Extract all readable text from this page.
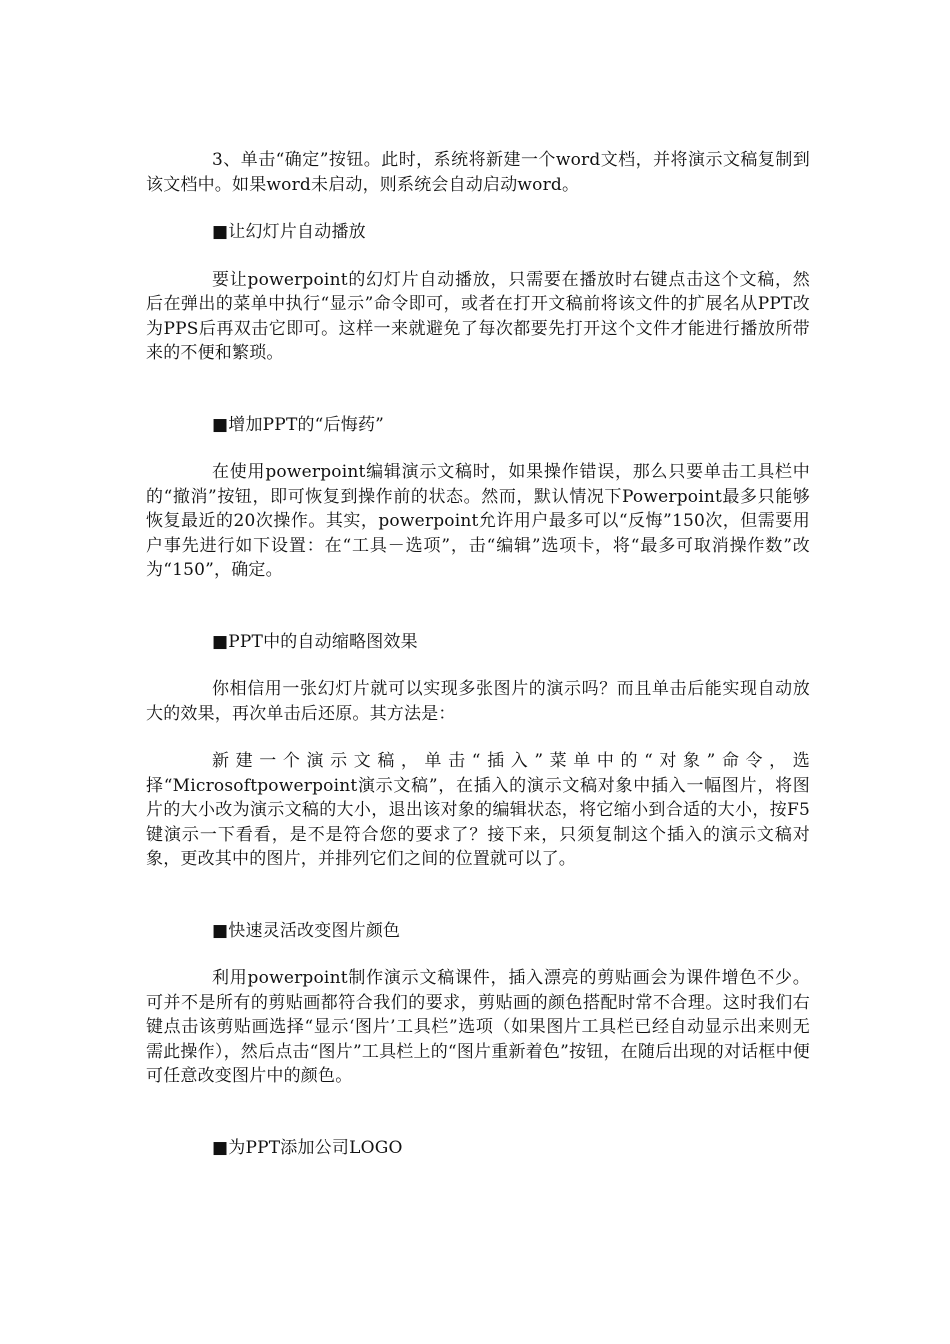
3、单击“确定”按钮。此时，系统将新建一个word文档，并将演示文稿复制到该文档中。如果word未启动，则系统会自动启动word。

■让幻灯片自动播放

要让powerpoint的幻灯片自动播放，只需要在播放时右键点击这个文稿，然后在弹出的菜单中执行“显示”命令即可，或者在打开文稿前将该文件的扩展名从PPT改为PPS后再双击它即可。这样一来就避免了每次都要先打开这个文件才能进行播放所带来的不便和繁琐。

■增加PPT的“后悔药”

在使用powerpoint编辑演示文稿时，如果操作错误，那么只要单击工具栏中的“撤消”按钮，即可恢复到操作前的状态。然而，默认情况下Powerpoint最多只能够恢复最近的20次操作。其实，powerpoint允许用户最多可以“反悔”150次，但需要用户事先进行如下设置：在“工具－选项”，击“编辑”选项卡，将“最多可取消操作数”改为“150”，确定。

■PPT中的自动缩略图效果

你相信用一张幻灯片就可以实现多张图片的演示吗？而且单击后能实现自动放大的效果，再次单击后还原。其方法是：

新建一个演示文稿，单击“插入”菜单中的“对象”命令，选择“Microsoftpowerpoint演示文稿”，在插入的演示文稿对象中插入一幅图片，将图片的大小改为演示文稿的大小，退出该对象的编辑状态，将它缩小到合适的大小，按F5键演示一下看看，是不是符合您的要求了？接下来，只须复制这个插入的演示文稿对象，更改其中的图片，并排列它们之间的位置就可以了。

■快速灵活改变图片颜色

利用powerpoint制作演示文稿课件，插入漂亮的剪贴画会为课件增色不少。可并不是所有的剪贴画都符合我们的要求，剪贴画的颜色搭配时常不合理。这时我们右键点击该剪贴画选择“显示‘图片’工具栏”选项（如果图片工具栏已经自动显示出来则无需此操作），然后点击“图片”工具栏上的“图片重新着色”按钮，在随后出现的对话框中便可任意改变图片中的颜色。

■为PPT添加公司LOGO
